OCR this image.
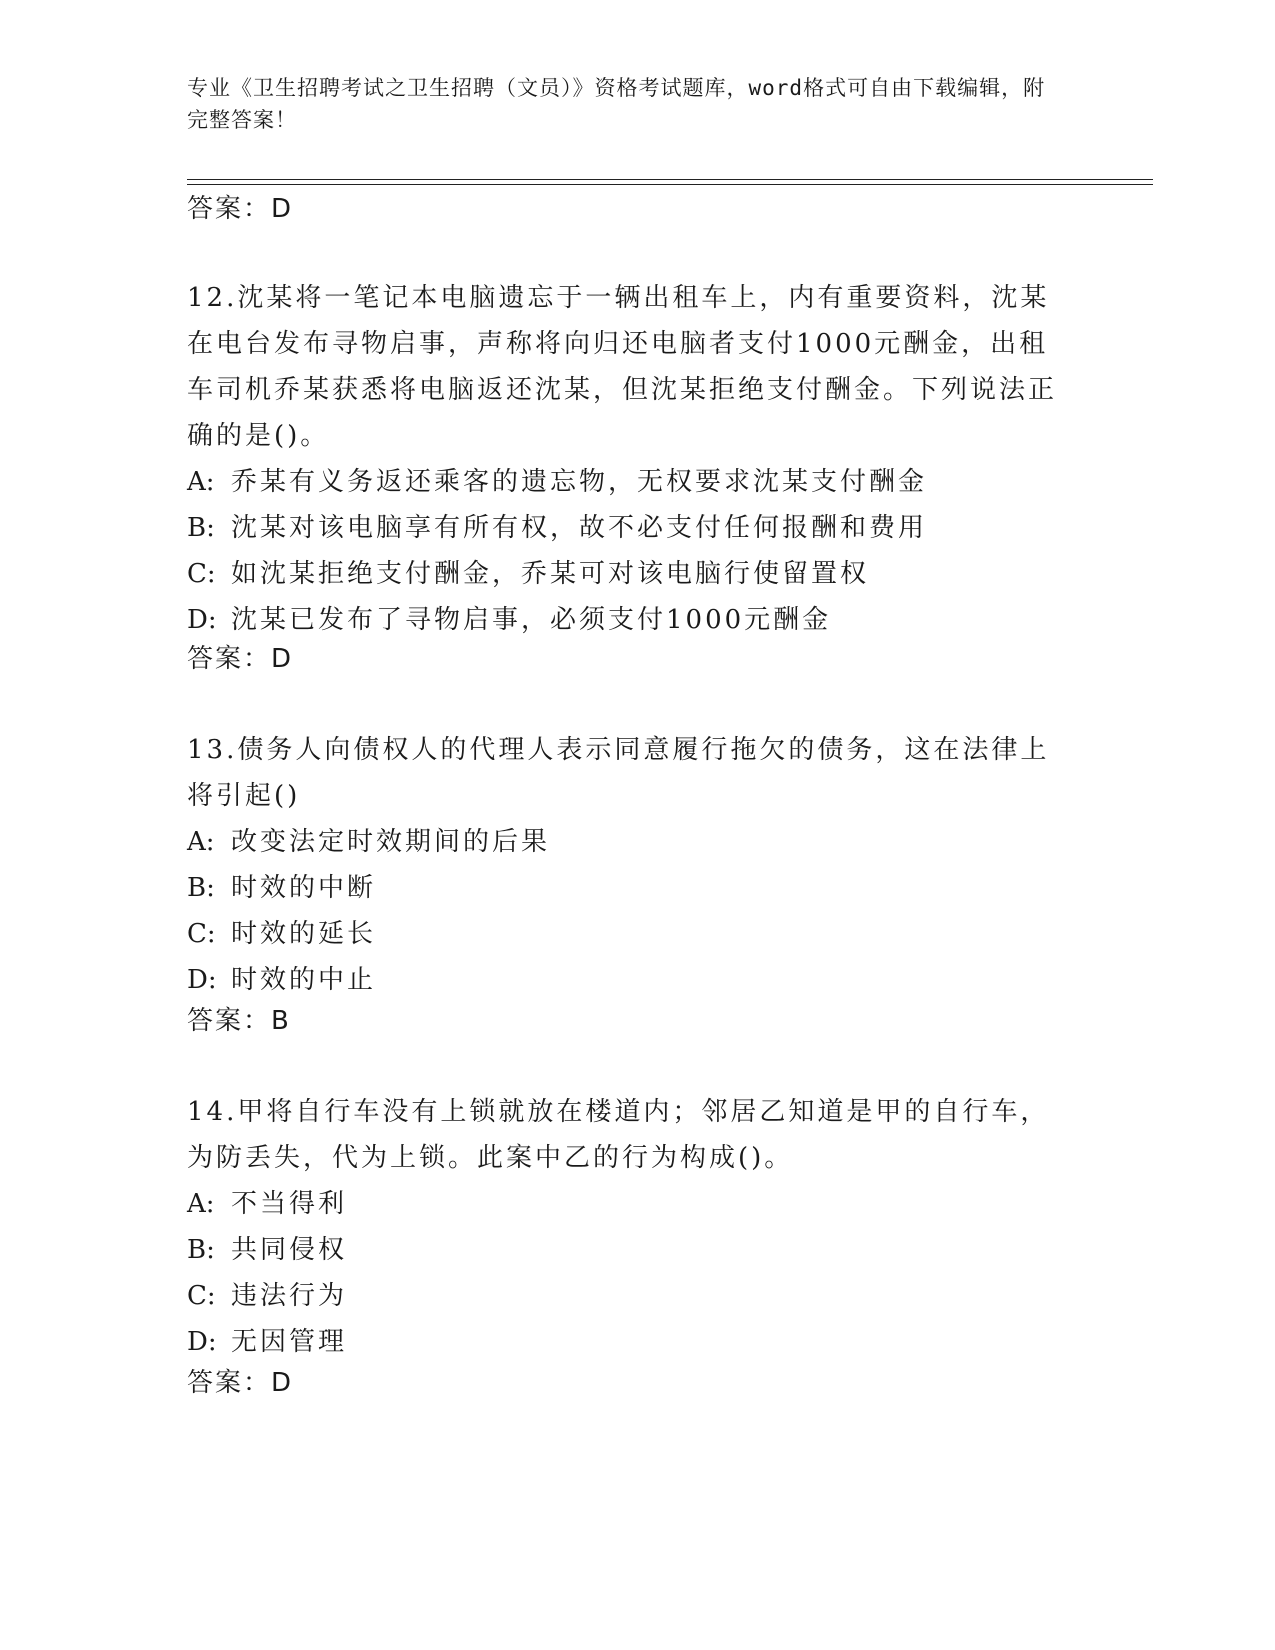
专业《卫生招聘考试之卫生招聘（文员）》资格考试题库，word格式可自由下载编辑，附完整答案！
答案：D
12.沈某将一笔记本电脑遗忘于一辆出租车上，内有重要资料，沈某在电台发布寻物启事，声称将向归还电脑者支付1000元酬金，出租车司机乔某获悉将电脑返还沈某，但沈某拒绝支付酬金。下列说法正确的是()。
A: 乔某有义务返还乘客的遗忘物，无权要求沈某支付酬金
B: 沈某对该电脑享有所有权，故不必支付任何报酬和费用
C: 如沈某拒绝支付酬金，乔某可对该电脑行使留置权
D: 沈某已发布了寻物启事，必须支付1000元酬金
答案：D
13.债务人向债权人的代理人表示同意履行拖欠的债务，这在法律上将引起()
A: 改变法定时效期间的后果
B: 时效的中断
C: 时效的延长
D: 时效的中止
答案：B
14.甲将自行车没有上锁就放在楼道内；邻居乙知道是甲的自行车，为防丢失，代为上锁。此案中乙的行为构成()。
A: 不当得利
B: 共同侵权
C: 违法行为
D: 无因管理
答案：D
